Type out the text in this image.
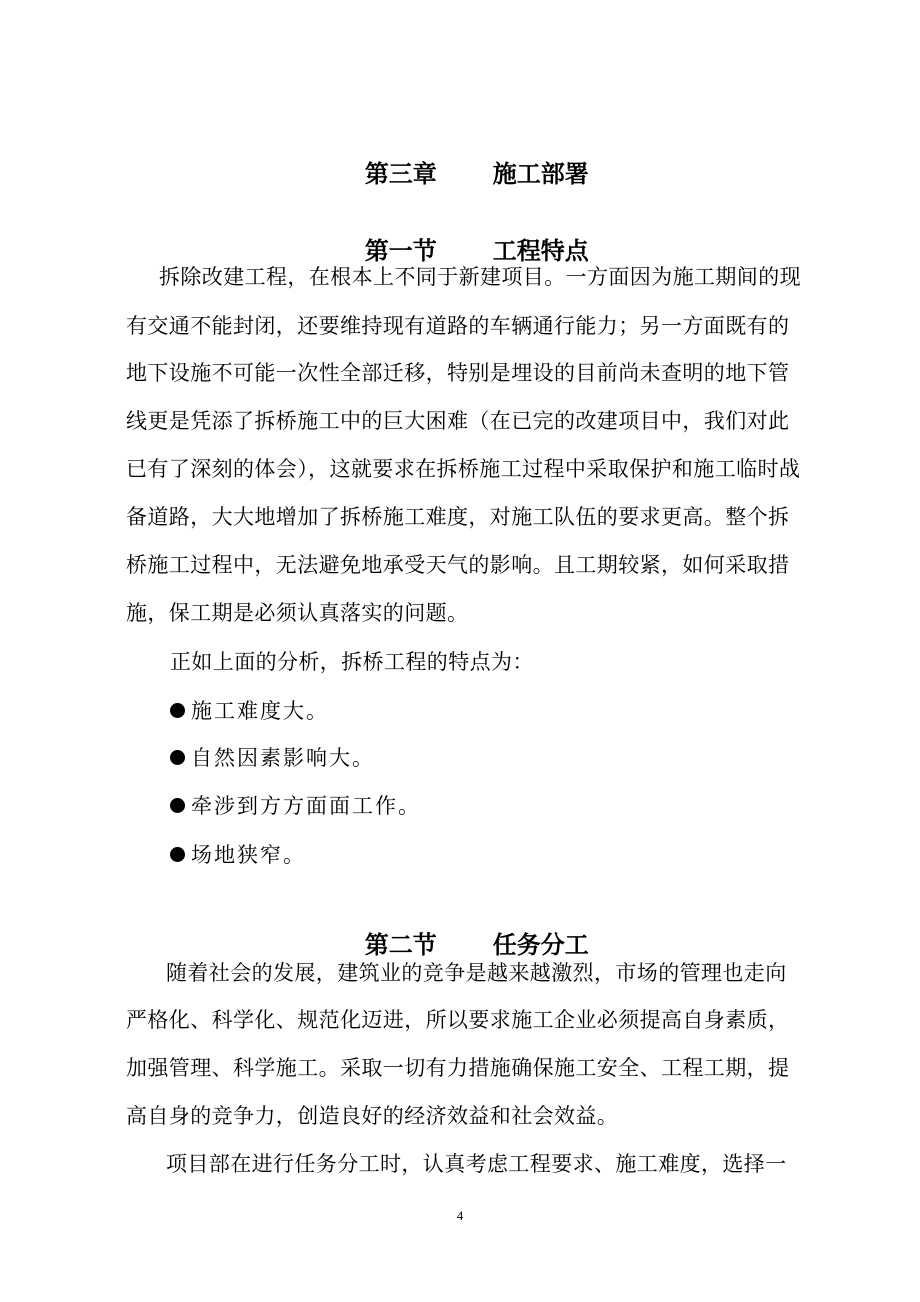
第三章 施工部署

第一节 工程特点

拆除改建工程，在根本上不同于新建项目。一方面因为施工期间的现
有交通不能封闭，还要维持现有道路的车辆通行能力；另一方面既有的
地下设施不可能一次性全部迁移，特别是埋设的目前尚未查明的地下管
线更是凭添了拆桥施工中的巨大困难（在已完的改建项目中，我们对此
已有了深刻的体会），这就要求在拆桥施工过程中采取保护和施工临时战
备道路，大大地增加了拆桥施工难度，对施工队伍的要求更高。整个拆
桥施工过程中，无法避免地承受天气的影响。且工期较紧，如何采取措
施，保工期是必须认真落实的问题。
正如上面的分析，拆桥工程的特点为：
施工难度大。
自然因素影响大。
牵涉到方方面面工作。
场地狭窄。

第二节 任务分工

随着社会的发展，建筑业的竞争是越来越激烈，市场的管理也走向
严格化、科学化、规范化迈进，所以要求施工企业必须提高自身素质，
加强管理、科学施工。采取一切有力措施确保施工安全、工程工期，提
高自身的竞争力，创造良好的经济效益和社会效益。
项目部在进行任务分工时，认真考虑工程要求、施工难度，选择一
4
